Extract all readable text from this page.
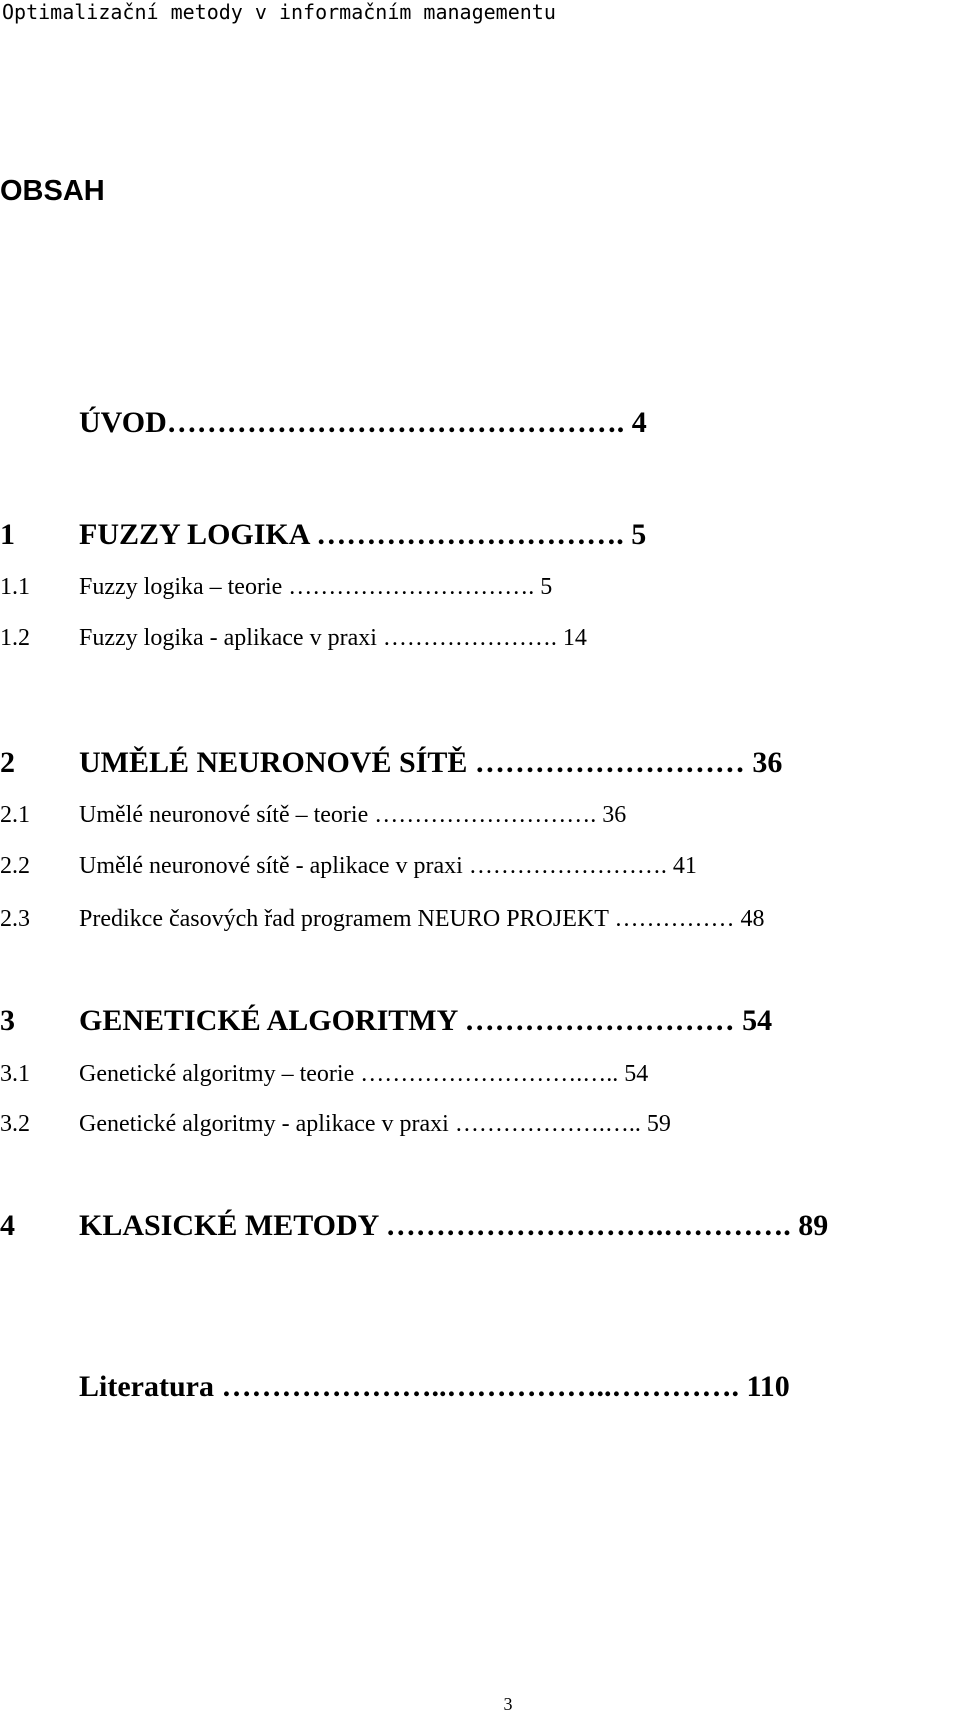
Optimalizační metody v informačním managementu
OBSAH
ÚVOD………………………………………. 4
1 FUZZY LOGIKA …………………………. 5
1.1 Fuzzy logika – teorie …………………………. 5
1.2 Fuzzy logika - aplikace v praxi …………………. 14
2 UMĚLÉ NEURONOVÉ SÍTĚ ……………………… 36
2.1 Umělé neuronové sítě – teorie ………………………. 36
2.2 Umělé neuronové sítě - aplikace v praxi ……………………. 41
2.3 Predikce časových řad programem NEURO PROJEKT …………… 48
3 GENETICKÉ ALGORITMY ……………………… 54
3.1 Genetické algoritmy – teorie ……………………….….. 54
3.2 Genetické algoritmy - aplikace v praxi ……………….….. 59
4 KLASICKÉ METODY ……………………….…………. 89
Literatura …………………..……………..…………. 110
3
